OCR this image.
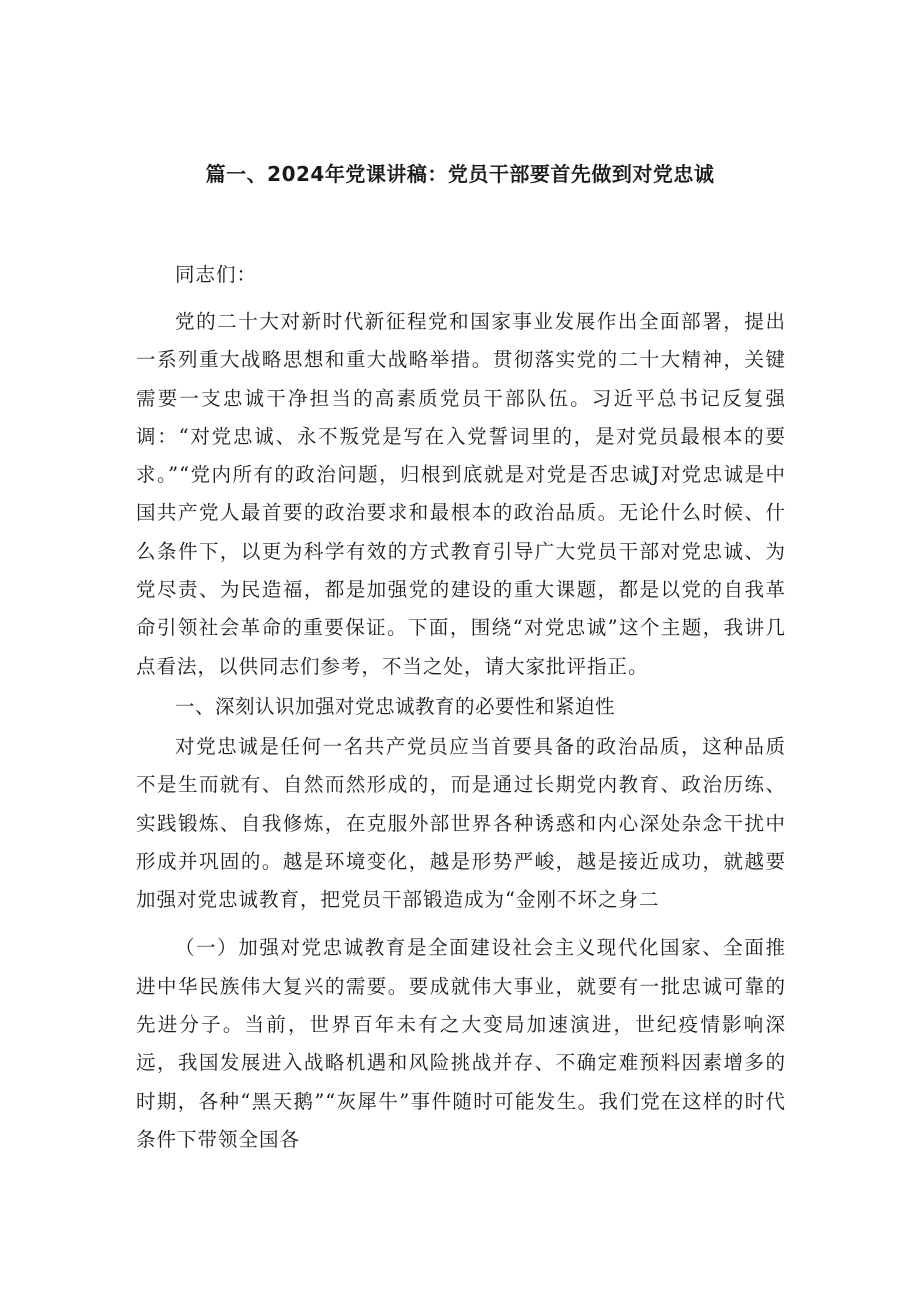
篇一、2024年党课讲稿：党员干部要首先做到对党忠诚

同志们：

党的二十大对新时代新征程党和国家事业发展作出全面部署，提出一系列重大战略思想和重大战略举措。贯彻落实党的二十大精神，关键需要一支忠诚干净担当的高素质党员干部队伍。习近平总书记反复强调：“对党忠诚、永不叛党是写在入党誓词里的，是对党员最根本的要求。”“党内所有的政治问题，归根到底就是对党是否忠诚J对党忠诚是中国共产党人最首要的政治要求和最根本的政治品质。无论什么时候、什么条件下，以更为科学有效的方式教育引导广大党员干部对党忠诚、为党尽责、为民造福，都是加强党的建设的重大课题，都是以党的自我革命引领社会革命的重要保证。下面，围绕“对党忠诚”这个主题，我讲几点看法，以供同志们参考，不当之处，请大家批评指正。

一、深刻认识加强对党忠诚教育的必要性和紧迫性

对党忠诚是任何一名共产党员应当首要具备的政治品质，这种品质不是生而就有、自然而然形成的，而是通过长期党内教育、政治历练、实践锻炼、自我修炼，在克服外部世界各种诱惑和内心深处杂念干扰中形成并巩固的。越是环境变化，越是形势严峻，越是接近成功，就越要加强对党忠诚教育，把党员干部锻造成为“金刚不坏之身二

（一）加强对党忠诚教育是全面建设社会主义现代化国家、全面推进中华民族伟大复兴的需要。要成就伟大事业，就要有一批忠诚可靠的先进分子。当前，世界百年未有之大变局加速演进，世纪疫情影响深远，我国发展进入战略机遇和风险挑战并存、不确定难预料因素增多的时期，各种“黑天鹅”“灰犀牛”事件随时可能发生。我们党在这样的时代条件下带领全国各
